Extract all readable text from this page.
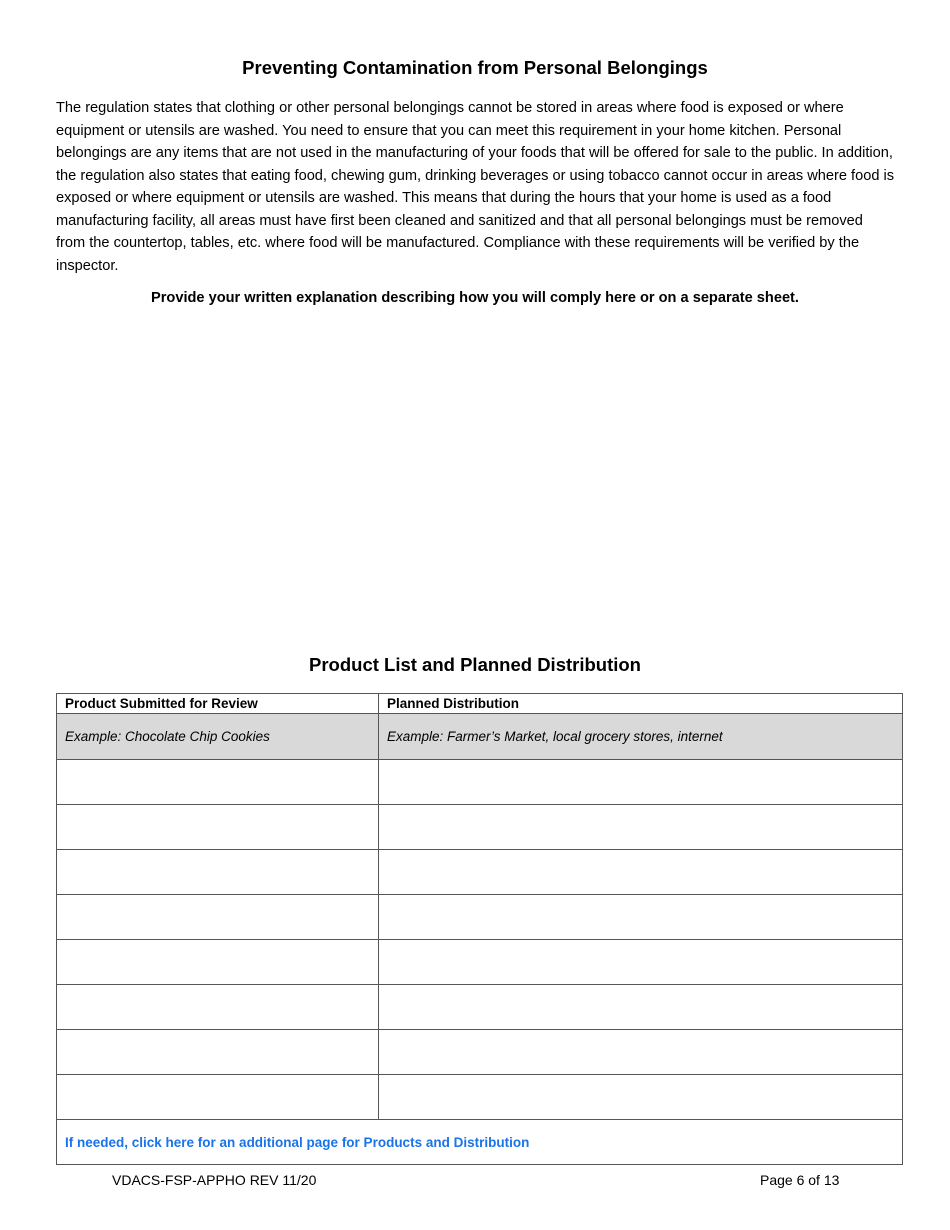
Preventing Contamination from Personal Belongings

The regulation states that clothing or other personal belongings cannot be stored in areas where food is exposed or where equipment or utensils are washed. You need to ensure that you can meet this requirement in your home kitchen. Personal belongings are any items that are not used in the manufacturing of your foods that will be offered for sale to the public. In addition, the regulation also states that eating food, chewing gum, drinking beverages or using tobacco cannot occur in areas where food is exposed or where equipment or utensils are washed. This means that during the hours that your home is used as a food manufacturing facility, all areas must have first been cleaned and sanitized and that all personal belongings must be removed from the countertop, tables, etc. where food will be manufactured. Compliance with these requirements will be verified by the inspector.

Provide your written explanation describing how you will comply here or on a separate sheet.

Product List and Planned Distribution
Product Submitted for Review	Planned Distribution
Example: Chocolate Chip Cookies	Example: Farmer’s Market, local grocery stores, internet

If needed, click here for an additional page for Products and Distribution	
VDACS-FSP-APPHO REV 11/20	Page 6 of 13
